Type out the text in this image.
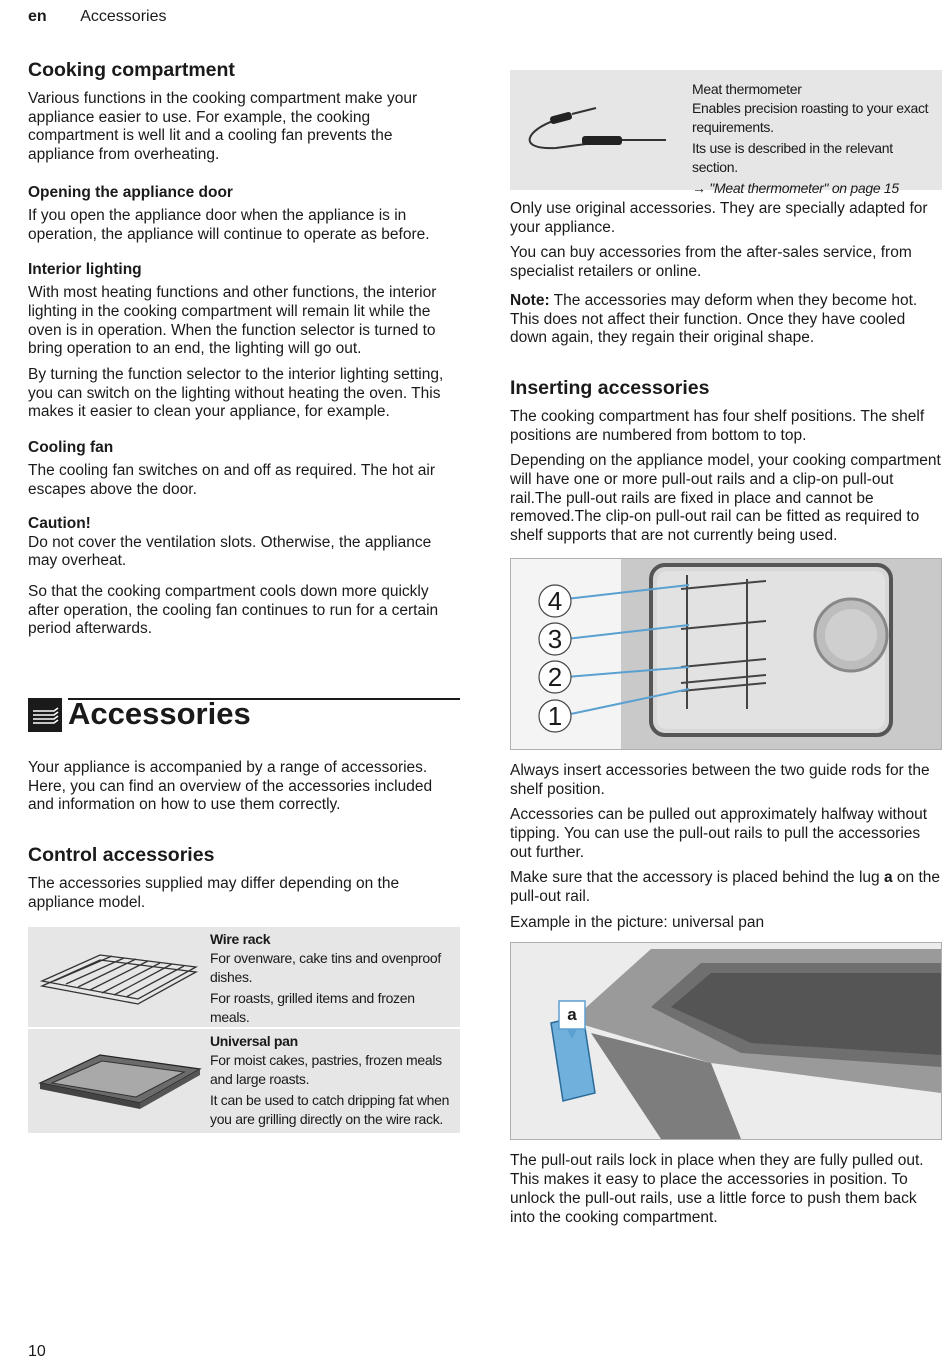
en Accessories
Cooking compartment

Various functions in the cooking compartment make your appliance easier to use. For example, the cooking compartment is well lit and a cooling fan prevents the appliance from overheating.

Opening the appliance door

If you open the appliance door when the appliance is in operation, the appliance will continue to operate as before.

Interior lighting

With most heating functions and other functions, the interior lighting in the cooking compartment will remain lit while the oven is in operation. When the function selector is turned to bring operation to an end, the lighting will go out.

By turning the function selector to the interior lighting setting, you can switch on the lighting without heating the oven. This makes it easier to clean your appliance, for example.

Cooling fan

The cooling fan switches on and off as required. The hot air escapes above the door.

Caution!

Do not cover the ventilation slots. Otherwise, the appliance may overheat.

So that the cooking compartment cools down more quickly after operation, the cooling fan continues to run for a certain period afterwards.

Accessories

Your appliance is accompanied by a range of accessories. Here, you can find an overview of the accessories included and information on how to use them correctly.

Control accessories

The accessories supplied may differ depending on the appliance model.

Wire rack
For ovenware, cake tins and ovenproof dishes.
For roasts, grilled items and frozen meals.
Universal pan
For moist cakes, pastries, frozen meals and large roasts.
It can be used to catch dripping fat when you are grilling directly on the wire rack.
Meat thermometer
Enables precision roasting to your exact requirements.
Its use is described in the relevant section.
→ "Meat thermometer" on page 15

Only use original accessories. They are specially adapted for your appliance.

You can buy accessories from the after-sales service, from specialist retailers or online.

Note: The accessories may deform when they become hot. This does not affect their function. Once they have cooled down again, they regain their original shape.

Inserting accessories

The cooking compartment has four shelf positions. The shelf positions are numbered from bottom to top.

Depending on the appliance model, your cooking compartment will have one or more pull-out rails and a clip-on pull-out rail.The pull-out rails are fixed in place and cannot be removed.The clip-on pull-out rail can be fitted as required to shelf supports that are not currently being used.

4
3
2
1

Always insert accessories between the two guide rods for the shelf position.

Accessories can be pulled out approximately halfway without tipping. You can use the pull-out rails to pull the accessories out further.

Make sure that the accessory is placed behind the lug a on the pull-out rail.

Example in the picture: universal pan

a

The pull-out rails lock in place when they are fully pulled out. This makes it easy to place the accessories in position. To unlock the pull-out rails, use a little force to push them back into the cooking compartment.

10
